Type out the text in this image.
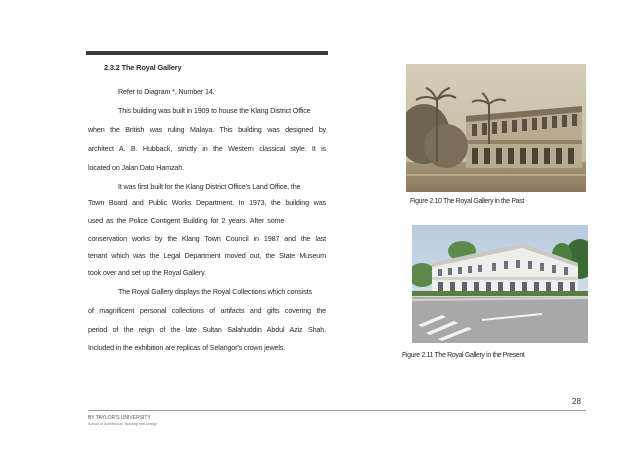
2.3.2 The Royal Gallery
Refer to Diagram *, Number 14.
This building was built in 1909 to house the Klang District Office
when the British was ruling Malaya. This building was designed by
architect A. B. Hubback, strictly in the Western classical style. It is
located on Jalan Dato Hamzah.
It was first built for the Klang District Office's Land Office, the
Town Board and Public Works Department. In 1973, the building was
used as the Police Contigent Building for 2 years. After some
conservation works by the Klang Town Council in 1987 and the last
tenant which was the Legal Department moved out, the State Museum
took over and set up the Royal Gallery.
The Royal Gallery displays the Royal Collections which consists
of magnificent personal collections of artifacts and gifts covering the
period of the reign of the late Sultan Salahuddin Abdul Aziz Shah.
Included in the exhibition are replicas of Selangor's crown jewels.
Figure 2.10 The Royal Gallery in the Past
Figure 2.11 The Royal Gallery in the Present
28
BY TAYLOR'S UNIVERSITY
School of Architecture, Building and Design
